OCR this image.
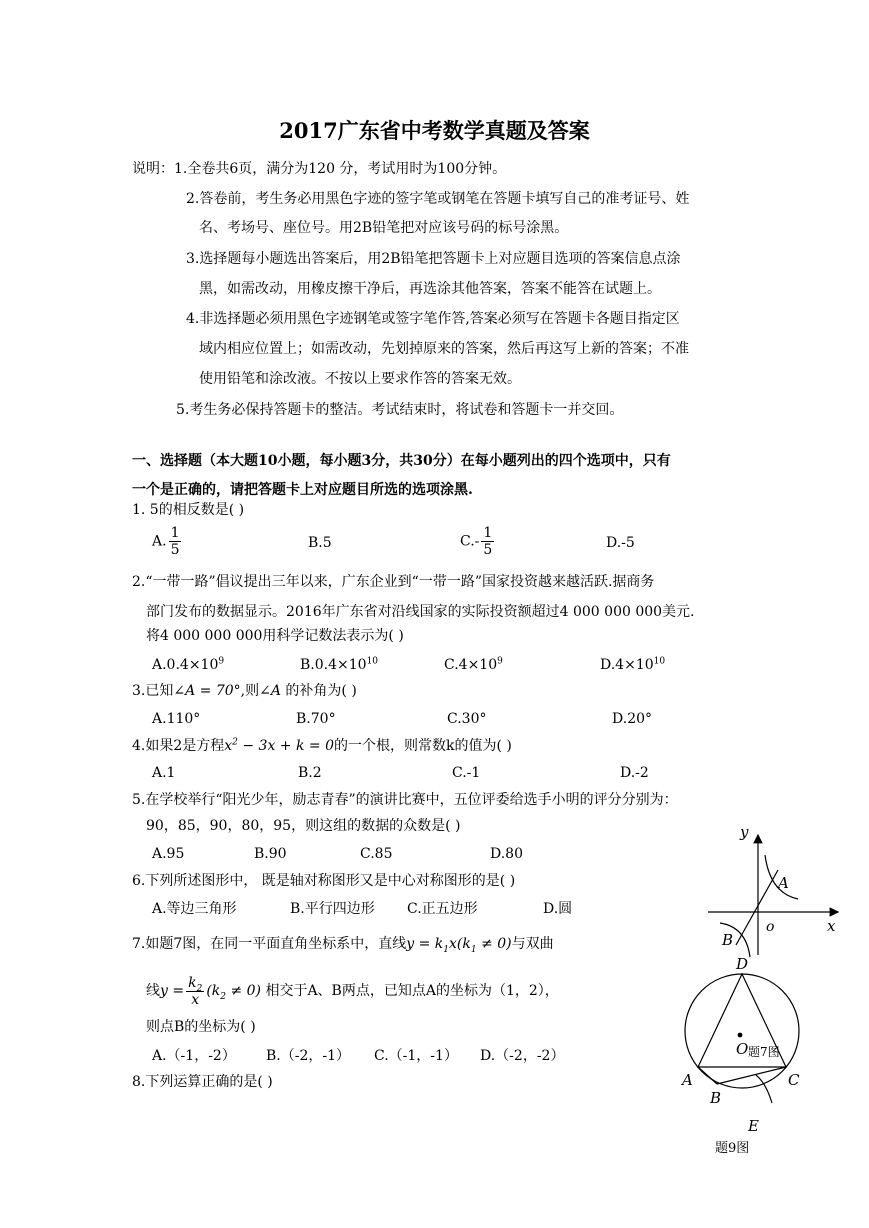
2017广东省中考数学真题及答案
说明：1.全卷共6页，满分为120 分，考试用时为100分钟。
2.答卷前，考生务必用黑色字迹的签字笔或钢笔在答题卡填写自己的准考证号、姓
名、考场号、座位号。用2B铅笔把对应该号码的标号涂黑。
3.选择题每小题选出答案后，用2B铅笔把答题卡上对应题目选项的答案信息点涂
黑，如需改动，用橡皮擦干净后，再选涂其他答案，答案不能答在试题上。
4.非选择题必须用黑色字迹钢笔或签字笔作答,答案必须写在答题卡各题目指定区
域内相应位置上；如需改动，先划掉原来的答案，然后再这写上新的答案；不准
使用铅笔和涂改液。不按以上要求作答的答案无效。
5.考生务必保持答题卡的整洁。考试结束时，将试卷和答题卡一并交回。
一、选择题（本大题10小题，每小题3分，共30分）在每小题列出的四个选项中，只有
一个是正确的，请把答题卡上对应题目所选的选项涂黑.
1. 5的相反数是( )
A. $\frac{1}{5}$	B.5	$C.- \frac{1}{5}$	D.-5
2.“一带一路”倡议提出三年以来，广东企业到“一带一路”国家投资越来越活跃.据商务
部门发布的数据显示。2016年广东省对沿线国家的实际投资额超过4 000 000 000美元.
将4 000 000 000用科学记数法表示为( )
$A.0.4\times 10^9$	$B.0.4\times 10^{10}$	$C.4\times 10^9$	$D.4\times 10^{10}$
3.已知∠A = 70°,则∠A 的补角为( )
A.110°	B.70°	C.30°	D.20°
4.如果2是方程$x^2 - 3x + k = 0$的一个根，则常数k的值为( )
A.1	B.2	C.-1	D.-2
5.在学校举行“阳光少年，励志青春”的演讲比赛中，五位评委给选手小明的评分分别为：
90，85，90，80，95，则这组的数据的众数是( )
A.95	B.90	C.85	D.80
6.下列所述图形中， 既是轴对称图形又是中心对称图形的是( )
A.等边三角形	B.平行四边形 C.正五边形	D.圆
7.如题7图，在同一平面直角坐标系中，直线$y = k_1x(k_1 \ne 0)$与双曲
线$y = \frac{k_2}{x} (k_2 \ne 0)$ 相交于A、B两点，已知点A的坐标为（1，2），
则点B的坐标为( )
A.（-1，-2） B.（-2，-1） C.（-1，-1） D.（-2，-2）
8.下列运算正确的是( )
y
x
o
A
B
D
O 题7图
A
B
C
E
题9图
